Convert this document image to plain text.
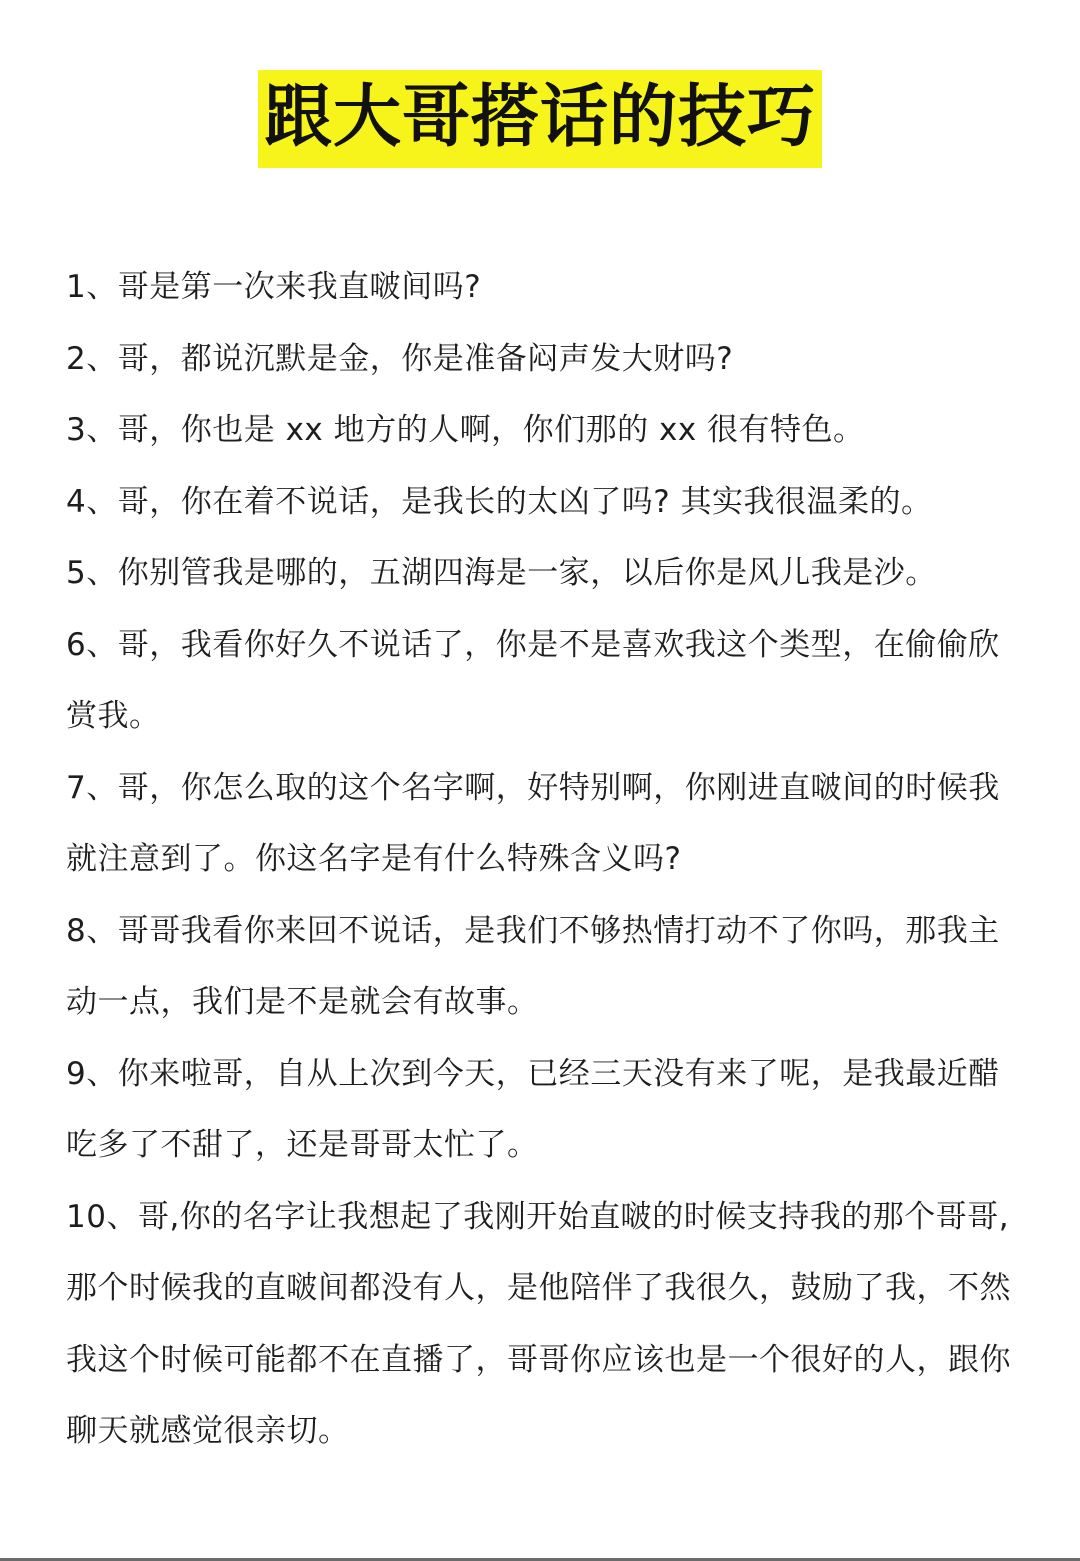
跟大哥搭话的技巧

1、哥是第一次来我直啵间吗?

2、哥，都说沉默是金，你是准备闷声发大财吗?

3、哥，你也是 xx 地方的人啊，你们那的 xx 很有特色。

4、哥，你在着不说话，是我长的太凶了吗? 其实我很温柔的。

5、你别管我是哪的，五湖四海是一家，以后你是风儿我是沙。

6、哥，我看你好久不说话了，你是不是喜欢我这个类型，在偷偷欣赏我。

7、哥，你怎么取的这个名字啊，好特别啊，你刚进直啵间的时候我就注意到了。你这名字是有什么特殊含义吗?

8、哥哥我看你来回不说话，是我们不够热情打动不了你吗，那我主动一点，我们是不是就会有故事。

9、你来啦哥，自从上次到今天，已经三天没有来了呢，是我最近醋吃多了不甜了，还是哥哥太忙了。

10、哥,你的名字让我想起了我刚开始直啵的时候支持我的那个哥哥,那个时候我的直啵间都没有人，是他陪伴了我很久，鼓励了我，不然我这个时候可能都不在直播了，哥哥你应该也是一个很好的人，跟你聊天就感觉很亲切。
